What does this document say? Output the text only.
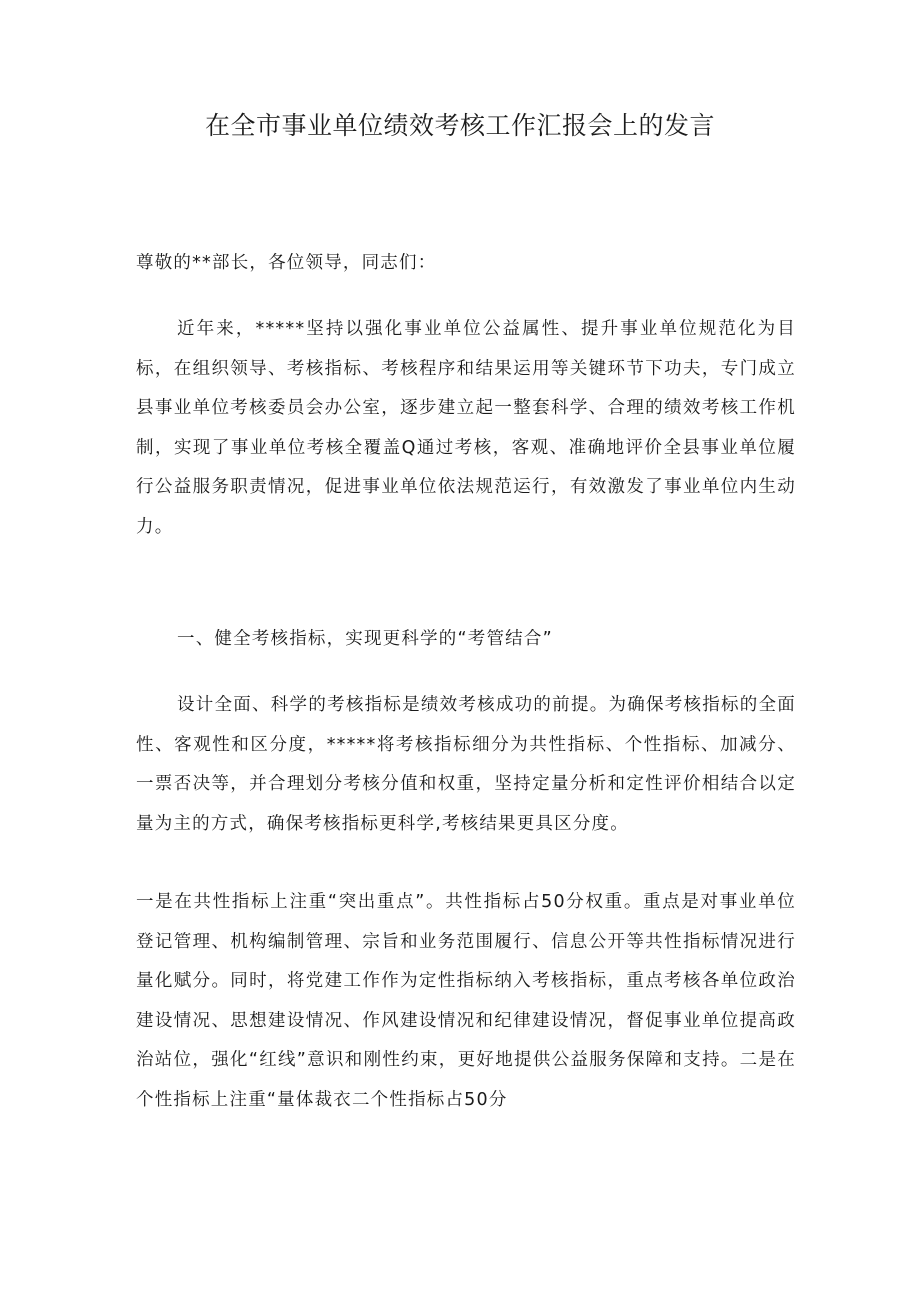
在全市事业单位绩效考核工作汇报会上的发言

尊敬的**部长，各位领导，同志们：

近年来，*****坚持以强化事业单位公益属性、提升事业单位规范化为目标，在组织领导、考核指标、考核程序和结果运用等关键环节下功夫，专门成立县事业单位考核委员会办公室，逐步建立起一整套科学、合理的绩效考核工作机制，实现了事业单位考核全覆盖Q通过考核，客观、准确地评价全县事业单位履行公益服务职责情况，促进事业单位依法规范运行，有效激发了事业单位内生动力。

一、健全考核指标，实现更科学的“考管结合”

设计全面、科学的考核指标是绩效考核成功的前提。为确保考核指标的全面性、客观性和区分度，*****将考核指标细分为共性指标、个性指标、加减分、一票否决等，并合理划分考核分值和权重，坚持定量分析和定性评价相结合以定量为主的方式，确保考核指标更科学,考核结果更具区分度。

一是在共性指标上注重“突出重点”。共性指标占50分权重。重点是对事业单位登记管理、机构编制管理、宗旨和业务范围履行、信息公开等共性指标情况进行量化赋分。同时，将党建工作作为定性指标纳入考核指标，重点考核各单位政治建设情况、思想建设情况、作风建设情况和纪律建设情况，督促事业单位提高政治站位，强化“红线”意识和刚性约束，更好地提供公益服务保障和支持。二是在个性指标上注重“量体裁衣二个性指标占50分
